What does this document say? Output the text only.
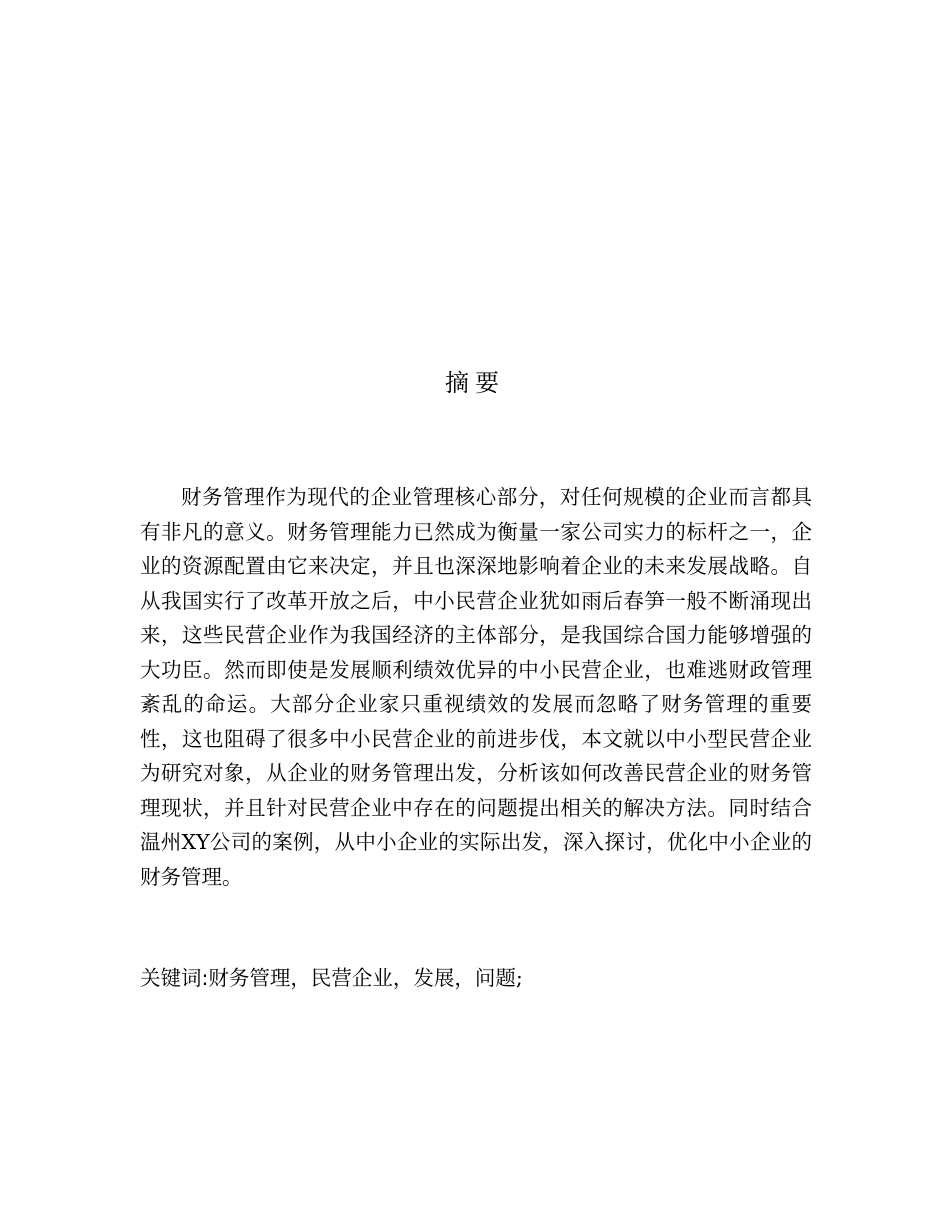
摘要

财务管理作为现代的企业管理核心部分，对任何规模的企业而言都具有非凡的意义。财务管理能力已然成为衡量一家公司实力的标杆之一，企业的资源配置由它来决定，并且也深深地影响着企业的未来发展战略。自从我国实行了改革开放之后，中小民营企业犹如雨后春笋一般不断涌现出来，这些民营企业作为我国经济的主体部分，是我国综合国力能够增强的大功臣。然而即使是发展顺利绩效优异的中小民营企业，也难逃财政管理紊乱的命运。大部分企业家只重视绩效的发展而忽略了财务管理的重要性，这也阻碍了很多中小民营企业的前进步伐，本文就以中小型民营企业为研究对象，从企业的财务管理出发，分析该如何改善民营企业的财务管理现状，并且针对民营企业中存在的问题提出相关的解决方法。同时结合温州XY公司的案例，从中小企业的实际出发，深入探讨，优化中小企业的财务管理。

关键词:财务管理，民营企业，发展，问题;
